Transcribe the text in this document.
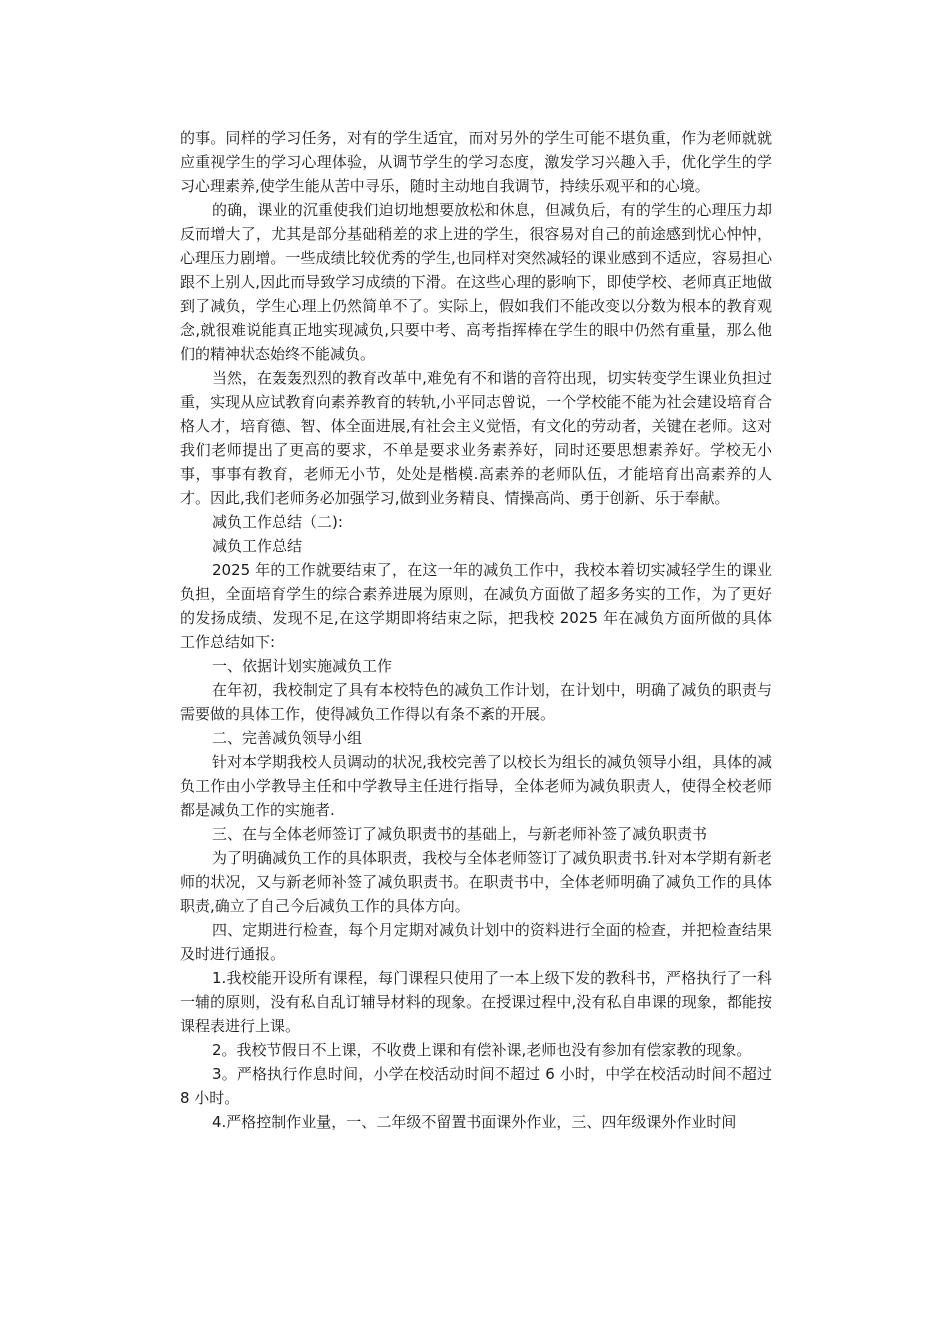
的事。同样的学习任务，对有的学生适宜，而对另外的学生可能不堪负重，作为老师就就应重视学生的学习心理体验，从调节学生的学习态度，激发学习兴趣入手，优化学生的学习心理素养,使学生能从苦中寻乐，随时主动地自我调节，持续乐观平和的心境。

的确，课业的沉重使我们迫切地想要放松和休息，但减负后，有的学生的心理压力却反而增大了，尤其是部分基础稍差的求上进的学生，很容易对自己的前途感到忧心忡忡，心理压力剧增。一些成绩比较优秀的学生,也同样对突然减轻的课业感到不适应，容易担心跟不上别人,因此而导致学习成绩的下滑。在这些心理的影响下，即使学校、老师真正地做到了减负，学生心理上仍然简单不了。实际上，假如我们不能改变以分数为根本的教育观念,就很难说能真正地实现减负,只要中考、高考指挥棒在学生的眼中仍然有重量，那么他们的精神状态始终不能减负。

当然，在轰轰烈烈的教育改革中,难免有不和谐的音符出现，切实转变学生课业负担过重，实现从应试教育向素养教育的转轨,小平同志曾说，一个学校能不能为社会建设培育合格人才，培育德、智、体全面进展,有社会主义觉悟，有文化的劳动者，关键在老师。这对我们老师提出了更高的要求，不单是要求业务素养好，同时还要思想素养好。学校无小事，事事有教育，老师无小节，处处是楷模.高素养的老师队伍，才能培育出高素养的人才。因此,我们老师务必加强学习,做到业务精良、情操高尚、勇于创新、乐于奉献。

减负工作总结（二):

减负工作总结

2025 年的工作就要结束了，在这一年的减负工作中，我校本着切实减轻学生的课业负担，全面培育学生的综合素养进展为原则，在减负方面做了超多务实的工作，为了更好的发扬成绩、发现不足,在这学期即将结束之际，把我校 2025 年在减负方面所做的具体工作总结如下:

一、依据计划实施减负工作

在年初，我校制定了具有本校特色的减负工作计划，在计划中，明确了减负的职责与需要做的具体工作，使得减负工作得以有条不紊的开展。

二、完善减负领导小组

针对本学期我校人员调动的状况,我校完善了以校长为组长的减负领导小组，具体的减负工作由小学教导主任和中学教导主任进行指导，全体老师为减负职责人，使得全校老师都是减负工作的实施者.

三、在与全体老师签订了减负职责书的基础上，与新老师补签了减负职责书

为了明确减负工作的具体职责，我校与全体老师签订了减负职责书.针对本学期有新老师的状况，又与新老师补签了减负职责书。在职责书中，全体老师明确了减负工作的具体职责,确立了自己今后减负工作的具体方向。

四、定期进行检查，每个月定期对减负计划中的资料进行全面的检查，并把检查结果及时进行通报。

1.我校能开设所有课程，每门课程只使用了一本上级下发的教科书，严格执行了一科一辅的原则，没有私自乱订辅导材料的现象。在授课过程中,没有私自串课的现象，都能按课程表进行上课。

2。我校节假日不上课，不收费上课和有偿补课,老师也没有参加有偿家教的现象。

3。严格执行作息时间，小学在校活动时间不超过 6 小时，中学在校活动时间不超过 8 小时。

4.严格控制作业量，一、二年级不留置书面课外作业，三、四年级课外作业时间
